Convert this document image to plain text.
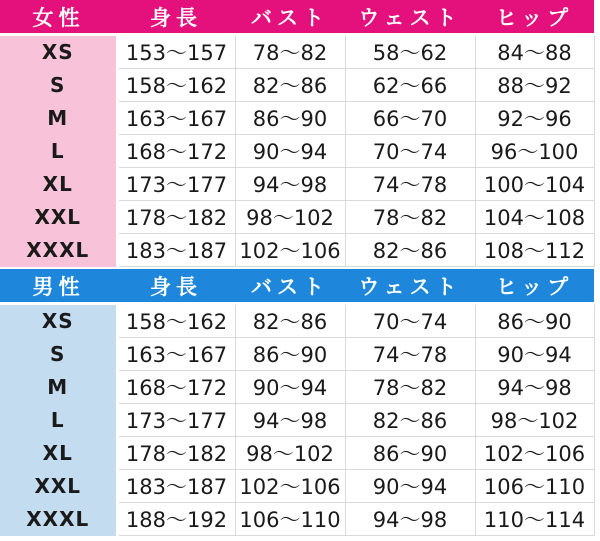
女性	身長	バスト	ウェスト	ヒップ
XS	153〜157	78〜82	58〜62	84〜88
S	158〜162	82〜86	62〜66	88〜92
M	163〜167	86〜90	66〜70	92〜96
L	168〜172	90〜94	70〜74	96〜100
XL	173〜177	94〜98	74〜78	100〜104
XXL	178〜182	98〜102	78〜82	104〜108
XXXL	183〜187	102〜106	82〜86	108〜112
男性	身長	バスト	ウェスト	ヒップ
XS	158〜162	82〜86	70〜74	86〜90
S	163〜167	86〜90	74〜78	90〜94
M	168〜172	90〜94	78〜82	94〜98
L	173〜177	94〜98	82〜86	98〜102
XL	178〜182	98〜102	86〜90	102〜106
XXL	183〜187	102〜106	90〜94	106〜110
XXXL	188〜192	106〜110	94〜98	110〜114
